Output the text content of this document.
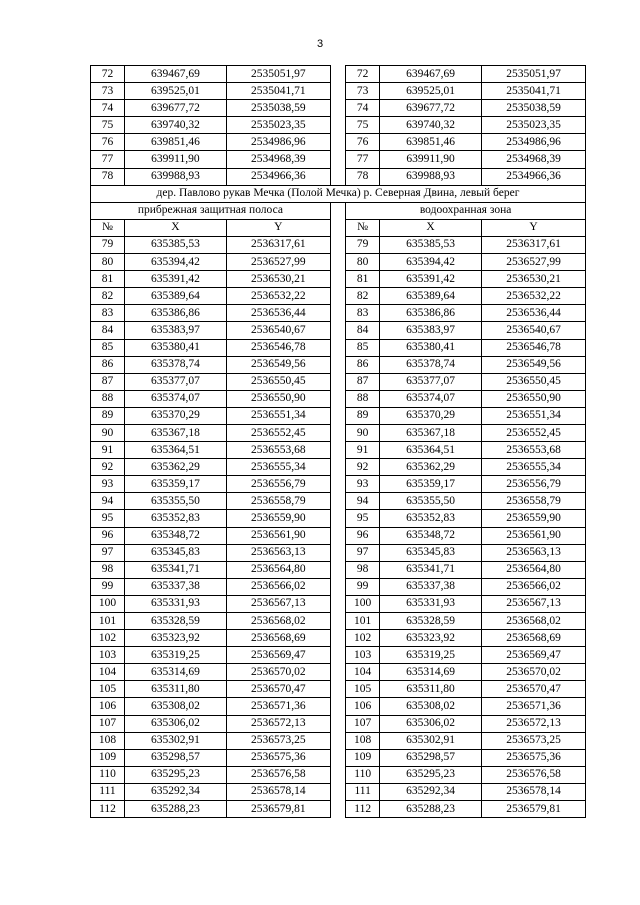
3
72	639467,69	2535051,97		72	639467,69	2535051,97
73	639525,01	2535041,71		73	639525,01	2535041,71
74	639677,72	2535038,59		74	639677,72	2535038,59
75	639740,32	2535023,35		75	639740,32	2535023,35
76	639851,46	2534986,96		76	639851,46	2534986,96
77	639911,90	2534968,39		77	639911,90	2534968,39
78	639988,93	2534966,36		78	639988,93	2534966,36
дер. Павлово рукав Мечка (Полой Мечка) р. Северная Двина, левый берег						
прибрежная защитная полоса				водоохранная зона		
№	X	Y		№	X	Y
79	635385,53	2536317,61		79	635385,53	2536317,61
80	635394,42	2536527,99		80	635394,42	2536527,99
81	635391,42	2536530,21		81	635391,42	2536530,21
82	635389,64	2536532,22		82	635389,64	2536532,22
83	635386,86	2536536,44		83	635386,86	2536536,44
84	635383,97	2536540,67		84	635383,97	2536540,67
85	635380,41	2536546,78		85	635380,41	2536546,78
86	635378,74	2536549,56		86	635378,74	2536549,56
87	635377,07	2536550,45		87	635377,07	2536550,45
88	635374,07	2536550,90		88	635374,07	2536550,90
89	635370,29	2536551,34		89	635370,29	2536551,34
90	635367,18	2536552,45		90	635367,18	2536552,45
91	635364,51	2536553,68		91	635364,51	2536553,68
92	635362,29	2536555,34		92	635362,29	2536555,34
93	635359,17	2536556,79		93	635359,17	2536556,79
94	635355,50	2536558,79		94	635355,50	2536558,79
95	635352,83	2536559,90		95	635352,83	2536559,90
96	635348,72	2536561,90		96	635348,72	2536561,90
97	635345,83	2536563,13		97	635345,83	2536563,13
98	635341,71	2536564,80		98	635341,71	2536564,80
99	635337,38	2536566,02		99	635337,38	2536566,02
100	635331,93	2536567,13		100	635331,93	2536567,13
101	635328,59	2536568,02		101	635328,59	2536568,02
102	635323,92	2536568,69		102	635323,92	2536568,69
103	635319,25	2536569,47		103	635319,25	2536569,47
104	635314,69	2536570,02		104	635314,69	2536570,02
105	635311,80	2536570,47		105	635311,80	2536570,47
106	635308,02	2536571,36		106	635308,02	2536571,36
107	635306,02	2536572,13		107	635306,02	2536572,13
108	635302,91	2536573,25		108	635302,91	2536573,25
109	635298,57	2536575,36		109	635298,57	2536575,36
110	635295,23	2536576,58		110	635295,23	2536576,58
111	635292,34	2536578,14		111	635292,34	2536578,14
112	635288,23	2536579,81		112	635288,23	2536579,81
